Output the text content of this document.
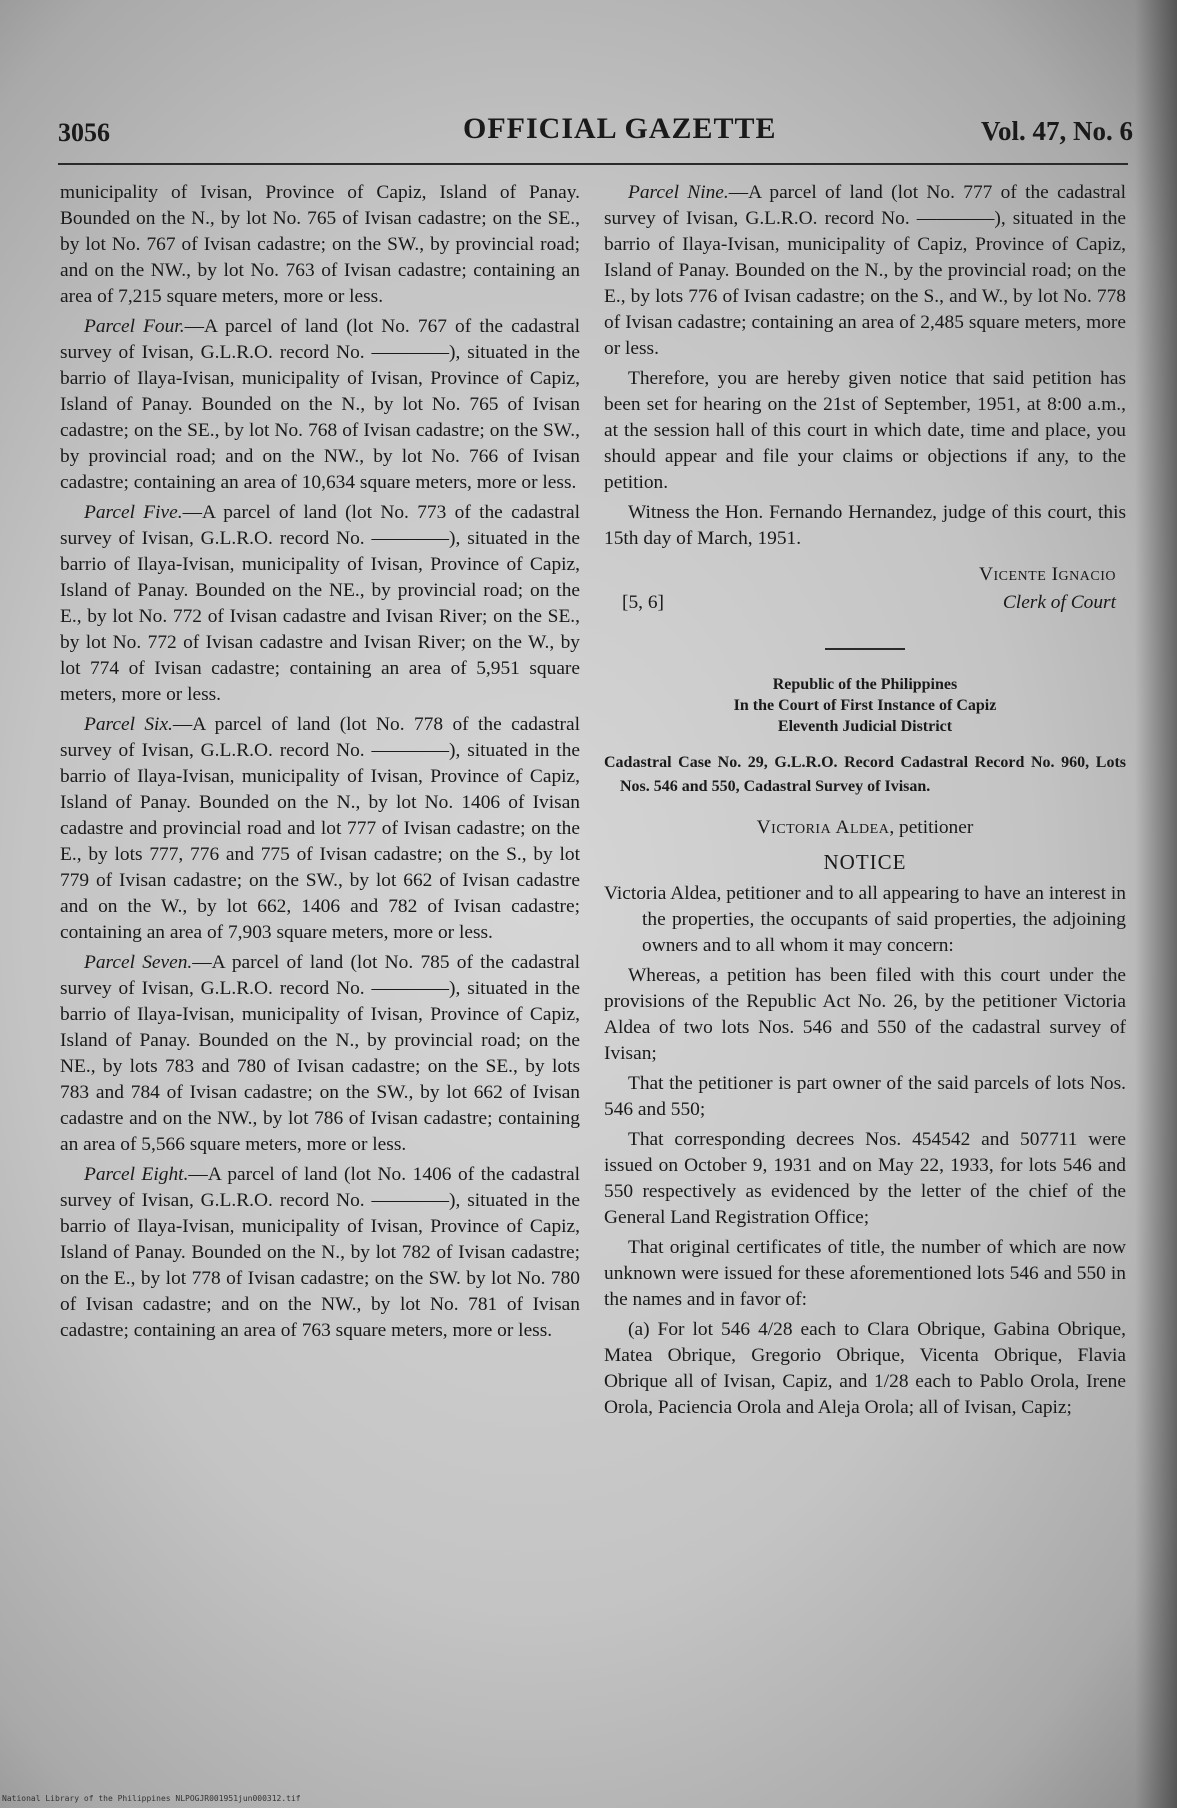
3056	OFFICIAL GAZETTE	Vol. 47, No. 6

municipality of Ivisan, Province of Capiz, Island of Panay. Bounded on the N., by lot No. 765 of Ivisan cadastre; on the SE., by lot No. 767 of Ivisan cadastre; on the SW., by provincial road; and on the NW., by lot No. 763 of Ivisan cadastre; containing an area of 7,215 square meters, more or less.

Parcel Four.—A parcel of land (lot No. 767 of the cadastral survey of Ivisan, G.L.R.O. record No. ————), situated in the barrio of Ilaya-Ivisan, municipality of Ivisan, Province of Capiz, Island of Panay. Bounded on the N., by lot No. 765 of Ivisan cadastre; on the SE., by lot No. 768 of Ivisan cadastre; on the SW., by provincial road; and on the NW., by lot No. 766 of Ivisan cadastre; containing an area of 10,634 square meters, more or less.

Parcel Five.—A parcel of land (lot No. 773 of the cadastral survey of Ivisan, G.L.R.O. record No. ————), situated in the barrio of Ilaya-Ivisan, municipality of Ivisan, Province of Capiz, Island of Panay. Bounded on the NE., by provincial road; on the E., by lot No. 772 of Ivisan cadastre and Ivisan River; on the SE., by lot No. 772 of Ivisan cadastre and Ivisan River; on the W., by lot 774 of Ivisan cadastre; containing an area of 5,951 square meters, more or less.

Parcel Six.—A parcel of land (lot No. 778 of the cadastral survey of Ivisan, G.L.R.O. record No. ————), situated in the barrio of Ilaya-Ivisan, municipality of Ivisan, Province of Capiz, Island of Panay. Bounded on the N., by lot No. 1406 of Ivisan cadastre and provincial road and lot 777 of Ivisan cadastre; on the E., by lots 777, 776 and 775 of Ivisan cadastre; on the S., by lot 779 of Ivisan cadastre; on the SW., by lot 662 of Ivisan cadastre and on the W., by lot 662, 1406 and 782 of Ivisan cadastre; containing an area of 7,903 square meters, more or less.

Parcel Seven.—A parcel of land (lot No. 785 of the cadastral survey of Ivisan, G.L.R.O. record No. ————), situated in the barrio of Ilaya-Ivisan, municipality of Ivisan, Province of Capiz, Island of Panay. Bounded on the N., by provincial road; on the NE., by lots 783 and 780 of Ivisan cadastre; on the SE., by lots 783 and 784 of Ivisan cadastre; on the SW., by lot 662 of Ivisan cadastre and on the NW., by lot 786 of Ivisan cadastre; containing an area of 5,566 square meters, more or less.

Parcel Eight.—A parcel of land (lot No. 1406 of the cadastral survey of Ivisan, G.L.R.O. record No. ————), situated in the barrio of Ilaya-Ivisan, municipality of Ivisan, Province of Capiz, Island of Panay. Bounded on the N., by lot 782 of Ivisan cadastre; on the E., by lot 778 of Ivisan cadastre; on the SW. by lot No. 780 of Ivisan cadastre; and on the NW., by lot No. 781 of Ivisan cadastre; containing an area of 763 square meters, more or less.

Parcel Nine.—A parcel of land (lot No. 777 of the cadastral survey of Ivisan, G.L.R.O. record No. ————), situated in the barrio of Ilaya-Ivisan, municipality of Capiz, Province of Capiz, Island of Panay. Bounded on the N., by the provincial road; on the E., by lots 776 of Ivisan cadastre; on the S., and W., by lot No. 778 of Ivisan cadastre; containing an area of 2,485 square meters, more or less.

Therefore, you are hereby given notice that said petition has been set for hearing on the 21st of September, 1951, at 8:00 a.m., at the session hall of this court in which date, time and place, you should appear and file your claims or objections if any, to the petition.

Witness the Hon. Fernando Hernandez, judge of this court, this 15th day of March, 1951.

Vicente Ignacio
[5, 6]	Clerk of Court

Republic of the Philippines

In the Court of First Instance of Capiz

Eleventh Judicial District

Cadastral Case No. 29, G.L.R.O. Record Cadastral Record No. 960, Lots Nos. 546 and 550, Cadastral Survey of Ivisan.

Victoria Aldea, petitioner

NOTICE

Victoria Aldea, petitioner and to all appearing to have an interest in the properties, the occupants of said properties, the adjoining owners and to all whom it may concern:

Whereas, a petition has been filed with this court under the provisions of the Republic Act No. 26, by the petitioner Victoria Aldea of two lots Nos. 546 and 550 of the cadastral survey of Ivisan;

That the petitioner is part owner of the said parcels of lots Nos. 546 and 550;

That corresponding decrees Nos. 454542 and 507711 were issued on October 9, 1931 and on May 22, 1933, for lots 546 and 550 respectively as evidenced by the letter of the chief of the General Land Registration Office;

That original certificates of title, the number of which are now unknown were issued for these aforementioned lots 546 and 550 in the names and in favor of:

(a) For lot 546 4/28 each to Clara Obrique, Gabina Obrique, Matea Obrique, Gregorio Obrique, Vicenta Obrique, Flavia Obrique all of Ivisan, Capiz, and 1/28 each to Pablo Orola, Irene Orola, Paciencia Orola and Aleja Orola; all of Ivisan, Capiz;

National Library of the Philippines NLPOGJR001951jun000312.tif
